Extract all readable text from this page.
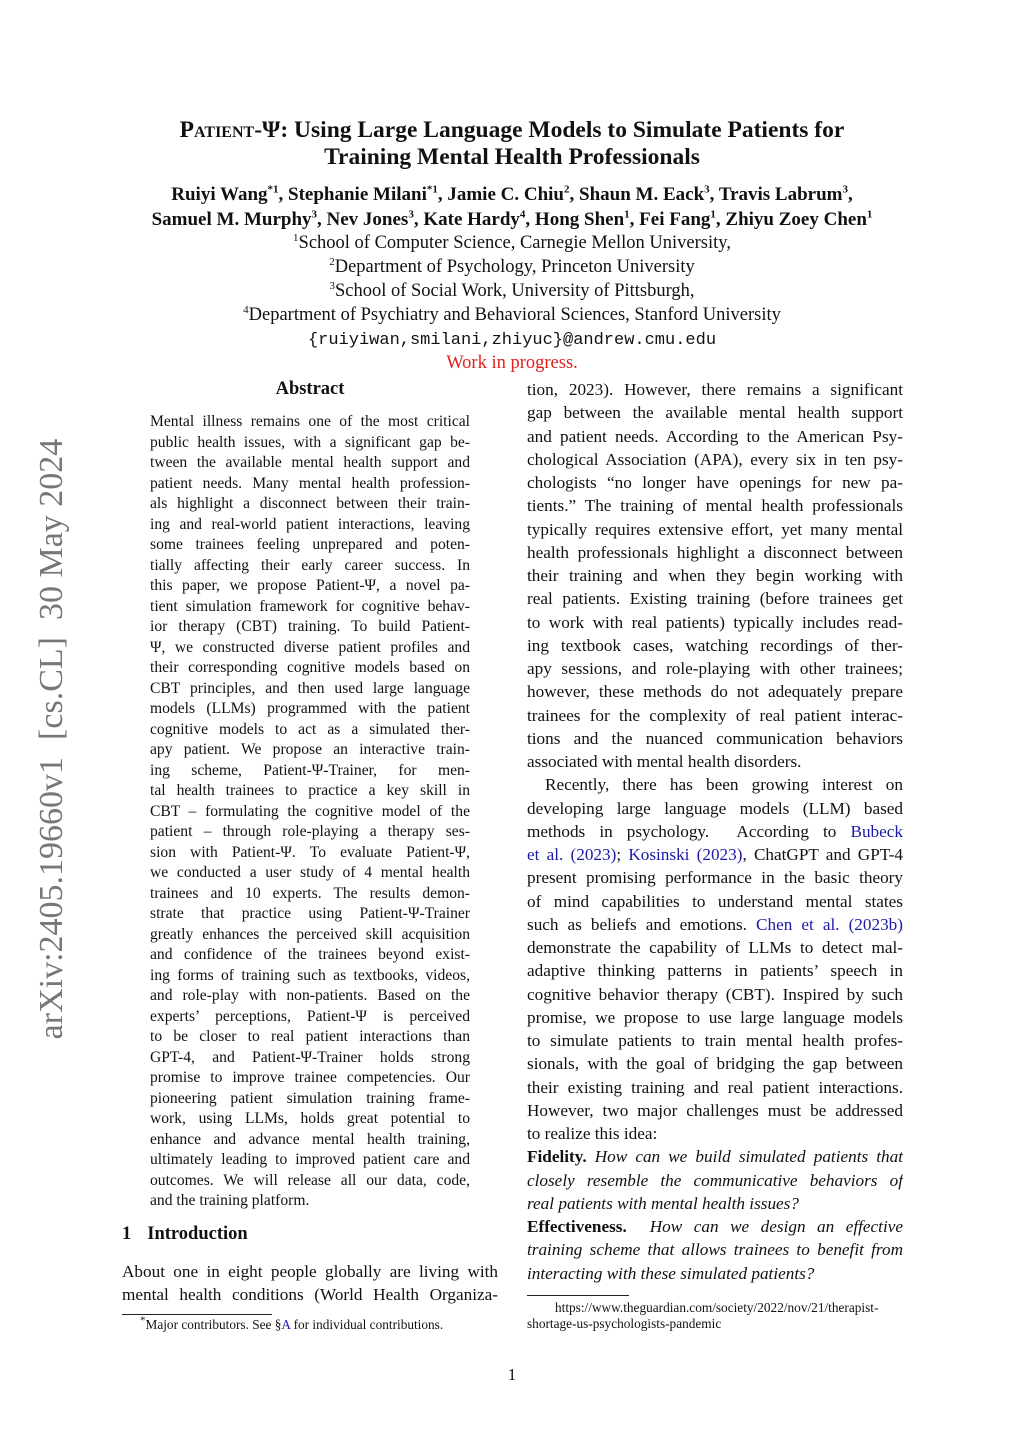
arXiv:2405.19660v1  [cs.CL]  30 May 2024
Patient-Ψ: Using Large Language Models to Simulate Patients for
Training Mental Health Professionals
Ruiyi Wang$^{*1}$, Stephanie Milani$^{*1}$, Jamie C. Chiu$^2$, Shaun M. Eack$^3$, Travis Labrum$^3$,
Samuel M. Murphy$^3$, Nev Jones$^3$, Kate Hardy$^4$, Hong Shen$^1$, Fei Fang$^1$, Zhiyu Zoey Chen$^1$
$^1$School of Computer Science, Carnegie Mellon University,
$^2$Department of Psychology, Princeton University
$^3$School of Social Work, University of Pittsburgh,
$^4$Department of Psychiatry and Behavioral Sciences, Stanford University
{ruiyiwan,smilani,zhiyuc}@andrew.cmu.edu
Work in progress.
Abstract
Mental illness remains one of the most critical
public health issues, with a significant gap be-
tween the available mental health support and
patient needs. Many mental health profession-
als highlight a disconnect between their train-
ing and real-world patient interactions, leaving
some trainees feeling unprepared and poten-
tially affecting their early career success. In
this paper, we propose Patient-Ψ, a novel pa-
tient simulation framework for cognitive behav-
ior therapy (CBT) training. To build Patient-
Ψ, we constructed diverse patient profiles and
their corresponding cognitive models based on
CBT principles, and then used large language
models (LLMs) programmed with the patient
cognitive models to act as a simulated ther-
apy patient. We propose an interactive train-
ing scheme, Patient-Ψ-Trainer, for men-
tal health trainees to practice a key skill in
CBT – formulating the cognitive model of the
patient – through role-playing a therapy ses-
sion with Patient-Ψ. To evaluate Patient-Ψ,
we conducted a user study of 4 mental health
trainees and 10 experts. The results demon-
strate that practice using Patient-Ψ-Trainer
greatly enhances the perceived skill acquisition
and confidence of the trainees beyond exist-
ing forms of training such as textbooks, videos,
and role-play with non-patients. Based on the
experts’ perceptions, Patient-Ψ is perceived
to be closer to real patient interactions than
GPT-4, and Patient-Ψ-Trainer holds strong
promise to improve trainee competencies. Our
pioneering patient simulation training frame-
work, using LLMs, holds great potential to
enhance and advance mental health training,
ultimately leading to improved patient care and
outcomes. We will release all our data, code,
and the training platform.
1 Introduction
About one in eight people globally are living with
mental health conditions (World Health Organiza-
*Major contributors. See §A for individual contributions.
tion, 2023). However, there remains a significant
gap between the available mental health support
and patient needs. According to the American Psy-
chological Association (APA), every six in ten psy-
chologists “no longer have openings for new pa-
tients.” The training of mental health professionals
typically requires extensive effort, yet many mental
health professionals highlight a disconnect between
their training and when they begin working with
real patients. Existing training (before trainees get
to work with real patients) typically includes read-
ing textbook cases, watching recordings of ther-
apy sessions, and role-playing with other trainees;
however, these methods do not adequately prepare
trainees for the complexity of real patient interac-
tions and the nuanced communication behaviors
associated with mental health disorders.
Recently, there has been growing interest on
developing large language models (LLM) based
methods in psychology.  According to Bubeck
et al. (2023); Kosinski (2023), ChatGPT and GPT-4
present promising performance in the basic theory
of mind capabilities to understand mental states
such as beliefs and emotions. Chen et al. (2023b)
demonstrate the capability of LLMs to detect mal-
adaptive thinking patterns in patients’ speech in
cognitive behavior therapy (CBT). Inspired by such
promise, we propose to use large language models
to simulate patients to train mental health profes-
sionals, with the goal of bridging the gap between
their existing training and real patient interactions.
However, two major challenges must be addressed
to realize this idea:
Fidelity. How can we build simulated patients that
closely resemble the communicative behaviors of
real patients with mental health issues?
Effectiveness.  How can we design an effective
training scheme that allows trainees to benefit from
interacting with these simulated patients?
https://www.theguardian.com/society/2022/nov/21/therapist-
shortage-us-psychologists-pandemic
1
